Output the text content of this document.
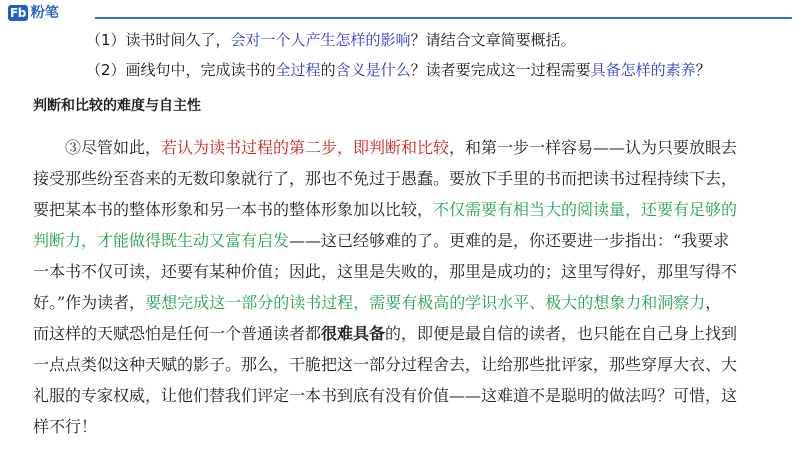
Fb 粉笔
（1）读书时间久了，会对一个人产生怎样的影响？请结合文章简要概括。
（2）画线句中，完成读书的全过程的含义是什么？读者要完成这一过程需要具备怎样的素养？
判断和比较的难度与自主性
③尽管如此，若认为读书过程的第二步，即判断和比较，和第一步一样容易——认为只要放眼去
接受那些纷至沓来的无数印象就行了，那也不免过于愚蠢。要放下手里的书而把读书过程持续下去，
要把某本书的整体形象和另一本书的整体形象加以比较，不仅需要有相当大的阅读量，还要有足够的
判断力，才能做得既生动又富有启发——这已经够难的了。更难的是，你还要进一步指出：“我要求
一本书不仅可读，还要有某种价值；因此，这里是失败的，那里是成功的；这里写得好，那里写得不
好。”作为读者，要想完成这一部分的读书过程，需要有极高的学识水平、极大的想象力和洞察力，
而这样的天赋恐怕是任何一个普通读者都很难具备的，即便是最自信的读者，也只能在自己身上找到
一点点类似这种天赋的影子。那么，干脆把这一部分过程舍去，让给那些批评家，那些穿厚大衣、大
礼服的专家权威，让他们替我们评定一本书到底有没有价值——这难道不是聪明的做法吗？可惜，这
样不行！
